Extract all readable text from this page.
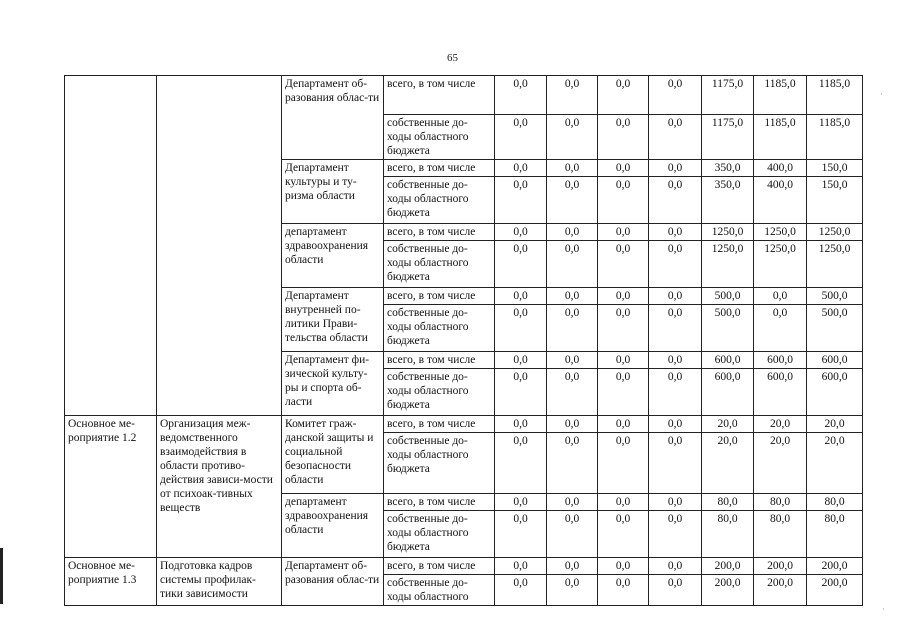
65
		Департамент об-разования облас-ти	всего, в том числе	0,0	0,0	0,0	0,0	1175,0	1185,0	1185,0
			собственные до-ходы областного бюджета	0,0	0,0	0,0	0,0	1175,0	1185,0	1185,0
		Департамент культуры и ту-ризма области	всего, в том числе	0,0	0,0	0,0	0,0	350,0	400,0	150,0
			собственные до-ходы областного бюджета	0,0	0,0	0,0	0,0	350,0	400,0	150,0
		департамент здравоохранения области	всего, в том числе	0,0	0,0	0,0	0,0	1250,0	1250,0	1250,0
			собственные до-ходы областного бюджета	0,0	0,0	0,0	0,0	1250,0	1250,0	1250,0
		Департамент внутренней по-литики Прави-тельства области	всего, в том числе	0,0	0,0	0,0	0,0	500,0	0,0	500,0
			собственные до-ходы областного бюджета	0,0	0,0	0,0	0,0	500,0	0,0	500,0
		Департамент фи-зической культу-ры и спорта об-ласти	всего, в том числе	0,0	0,0	0,0	0,0	600,0	600,0	600,0
			собственные до-ходы областного бюджета	0,0	0,0	0,0	0,0	600,0	600,0	600,0
Основное ме-роприятие 1.2	Организация меж-ведомственного взаимодействия в области противо-действия зависи-мости от психоак-тивных веществ	Комитет граж-данской защиты и социальной безопасности области	всего, в том числе	0,0	0,0	0,0	0,0	20,0	20,0	20,0
			собственные до-ходы областного бюджета	0,0	0,0	0,0	0,0	20,0	20,0	20,0
		департамент здравоохранения области	всего, в том числе	0,0	0,0	0,0	0,0	80,0	80,0	80,0
			собственные до-ходы областного бюджета	0,0	0,0	0,0	0,0	80,0	80,0	80,0
Основное ме-роприятие 1.3	Подготовка кадров системы профилак-тики зависимости	Департамент об-разования облас-ти	всего, в том числе	0,0	0,0	0,0	0,0	200,0	200,0	200,0
			собственные до-ходы областного	0,0	0,0	0,0	0,0	200,0	200,0	200,0
·
·
